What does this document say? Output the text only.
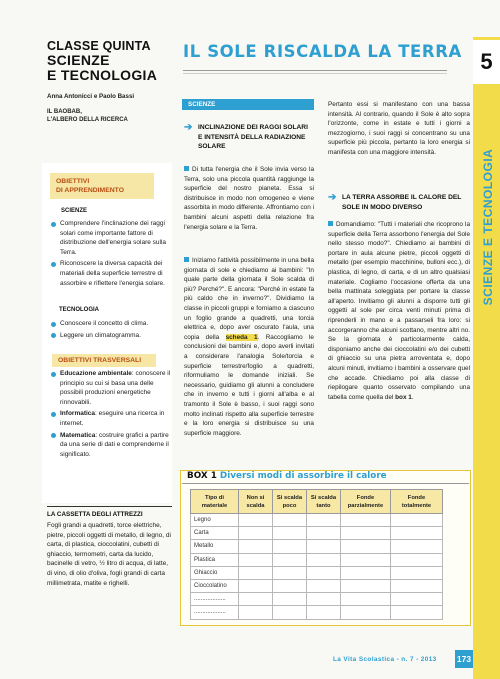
CLASSE QUINTA
SCIENZE
E TECNOLOGIA
Anna Antonicci e Paolo Bassi
IL BAOBAB,
L'ALBERO DELLA RICERCA
OBIETTIVI
DI APPRENDIMENTO
SCIENZE
Comprendere l'inclinazione dei raggi solari come importante fattore di distribuzione dell'energia solare sulla Terra.
Riconoscere la diversa capacità dei materiali della superficie terrestre di assorbire e riflettere l'energia solare.
TECNOLOGIA
Conoscere il concetto di clima.
Leggere un climatogramma.
OBIETTIVI TRASVERSALI
Educazione ambientale: conoscere il principio su cui si basa una delle possibili produzioni energetiche rinnovabili.
Informatica: eseguire una ricerca in internet.
Matematica: costruire grafici a partire da una serie di dati e comprenderne il significato.
LA CASSETTA DEGLI ATTREZZI
Fogli grandi a quadretti, torce elettriche, pietre, piccoli oggetti di metallo, di legno, di carta, di plastica, cioccolatini, cubetti di ghiaccio, termometri, carta da lucido, bacinelle di vetro, ½ litro di acqua, di latte, di vino, di olio d'oliva, fogli grandi di carta millimetrata, matite e righelli.
IL SOLE RISCALDA LA TERRA 5
SCIENZE E TECNOLOGIA
SCIENZE
➔ INCLINAZIONE DEI RAGGI SOLARI E INTENSITÀ DELLA RADIAZIONE SOLARE
Di tutta l'energia che il Sole invia verso la Terra, solo una piccola quantità raggiunge la superficie del nostro pianeta. Essa si distribuisce in modo non omogeneo e viene assorbita in modo differente. Affrontiamo con i bambini alcuni aspetti della relazione fra l'energia solare e la Terra.
Iniziamo l'attività possibilmente in una bella giornata di sole e chiediamo ai bambini: "In quale parte della giornata il Sole scalda di più? Perché?". E ancora: "Perché in estate fa più caldo che in inverno?". Dividiamo la classe in piccoli gruppi e forniamo a ciascuno un foglio grande a quadretti, una torcia elettrica e, dopo aver oscurato l'aula, una copia della scheda 1. Raccogliamo le conclusioni dei bambini e, dopo averli invitati a considerare l'analogia Sole/torcia e superficie terrestre/foglio a quadretti, riformuliamo le domande iniziali. Se necessario, guidiamo gli alunni a concludere che in inverno e tutti i giorni all'alba e al tramonto il Sole è basso, i suoi raggi sono molto inclinati rispetto alla superficie terrestre e la loro energia si distribuisce su una superficie maggiore.
Pertanto essi si manifestano con una bassa intensità. Al contrario, quando il Sole è alto sopra l'orizzonte, come in estate e tutti i giorni a mezzogiorno, i suoi raggi si concentrano su una superficie più piccola, pertanto la loro energia si manifesta con una maggiore intensità.
➔ LA TERRA ASSORBE IL CALORE DEL SOLE IN MODO DIVERSO
Domandiamo: "Tutti i materiali che ricoprono la superficie della Terra assorbono l'energia del Sole nello stesso modo?". Chiediamo ai bambini di portare in aula alcune pietre, piccoli oggetti di metallo (per esempio macchinine, bulloni ecc.), di plastica, di legno, di carta, e di un altro qualsiasi materiale. Cogliamo l'occasione offerta da una bella mattinata soleggiata per portare la classe all'aperto. Invitiamo gli alunni a disporre tutti gli oggetti al sole per circa venti minuti prima di riprenderli in mano e a passarseli fra loro: si accorgeranno che alcuni scottano, mentre altri no. Se la giornata è particolarmente calda, disponiamo anche dei cioccolatini e/o dei cubetti di ghiaccio su una pietra arroventata e, dopo alcuni minuti, invitiamo i bambini a osservare quel che accade. Chiediamo poi alla classe di riepilogare quanto osservato compilando una tabella come quella del box 1.
BOX 1 Diversi modi di assorbire il calore
Tipo di materiale	Non si scalda	Si scalda poco	Si scalda tanto	Fonde parzialmente	Fonde totalmente
Legno					
Carta					
Metallo					
Plastica					
Ghiaccio					
Cioccolatino					
...................					
...................					
La Vita Scolastica - n. 7 - 2013 173
